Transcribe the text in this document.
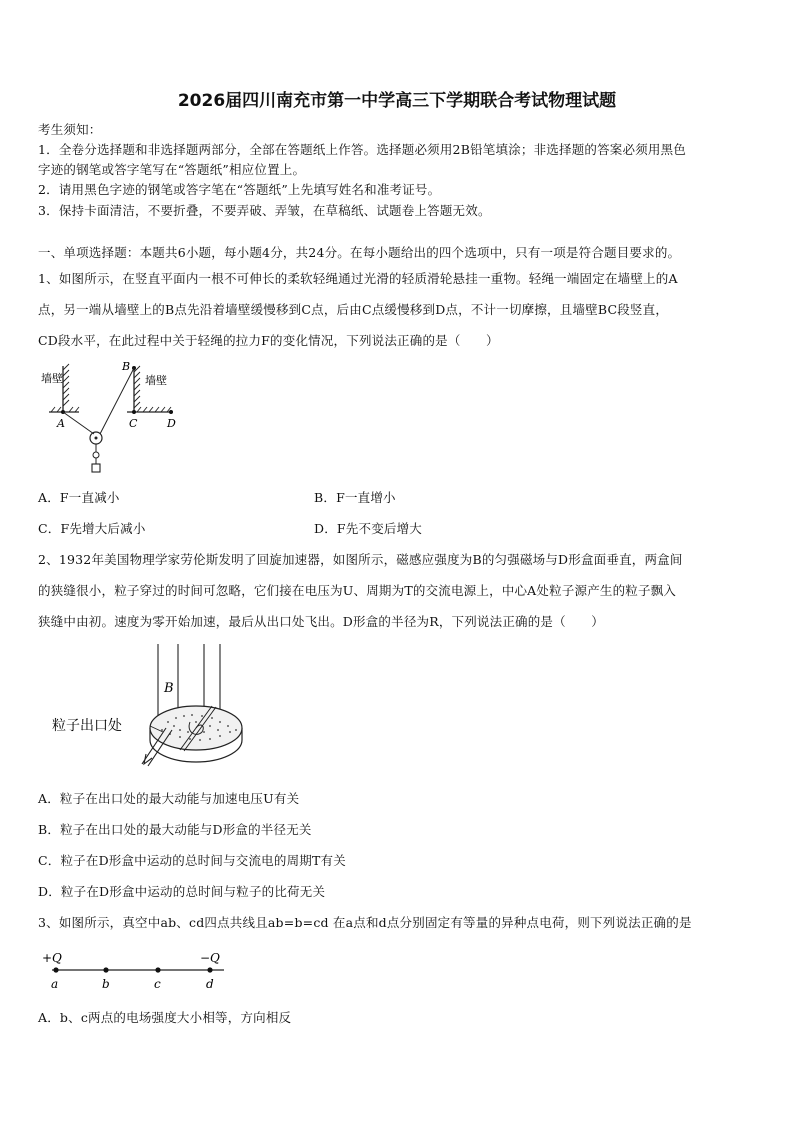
2026届四川南充市第一中学高三下学期联合考试物理试题
考生须知：
1．全卷分选择题和非选择题两部分，全部在答题纸上作答。选择题必须用2B铅笔填涂；非选择题的答案必须用黑色
字迹的钢笔或答字笔写在“答题纸”相应位置上。
2．请用黑色字迹的钢笔或答字笔在“答题纸”上先填写姓名和准考证号。
3．保持卡面清洁，不要折叠，不要弄破、弄皱，在草稿纸、试题卷上答题无效。
一、单项选择题：本题共6小题，每小题4分，共24分。在每小题给出的四个选项中，只有一项是符合题目要求的。
1、如图所示，在竖直平面内一根不可伸长的柔软轻绳通过光滑的轻质滑轮悬挂一重物。轻绳一端固定在墙壁上的A
点，另一端从墙壁上的B点先沿着墙壁缓慢移到C点，后由C点缓慢移到D点，不计一切摩擦，且墙壁BC段竖直，
CD段水平，在此过程中关于轻绳的拉力F的变化情况，下列说法正确的是（　　）
墙壁	墙壁
A
B
C	D
A．F一直减小	B．F一直增小
C．F先增大后减小	D．F先不变后增大
2、1932年美国物理学家劳伦斯发明了回旋加速器，如图所示，磁感应强度为B的匀强磁场与D形盒面垂直，两盒间
的狭缝很小，粒子穿过的时间可忽略，它们接在电压为U、周期为T的交流电源上，中心A处粒子源产生的粒子飘入
狭缝中由初。速度为零开始加速，最后从出口处飞出。D形盒的半径为R，下列说法正确的是（　　）
B
粒子出口处
A．粒子在出口处的最大动能与加速电压U有关
B．粒子在出口处的最大动能与D形盒的半径无关
C．粒子在D形盒中运动的总时间与交流电的周期T有关
D．粒子在D形盒中运动的总时间与粒子的比荷无关
3、如图所示，真空中ab、cd四点共线且ab=b=cd 在a点和d点分别固定有等量的异种点电荷，则下列说法正确的是
+Q	−Q
a	b	c	d
A．b、c两点的电场强度大小相等，方向相反
